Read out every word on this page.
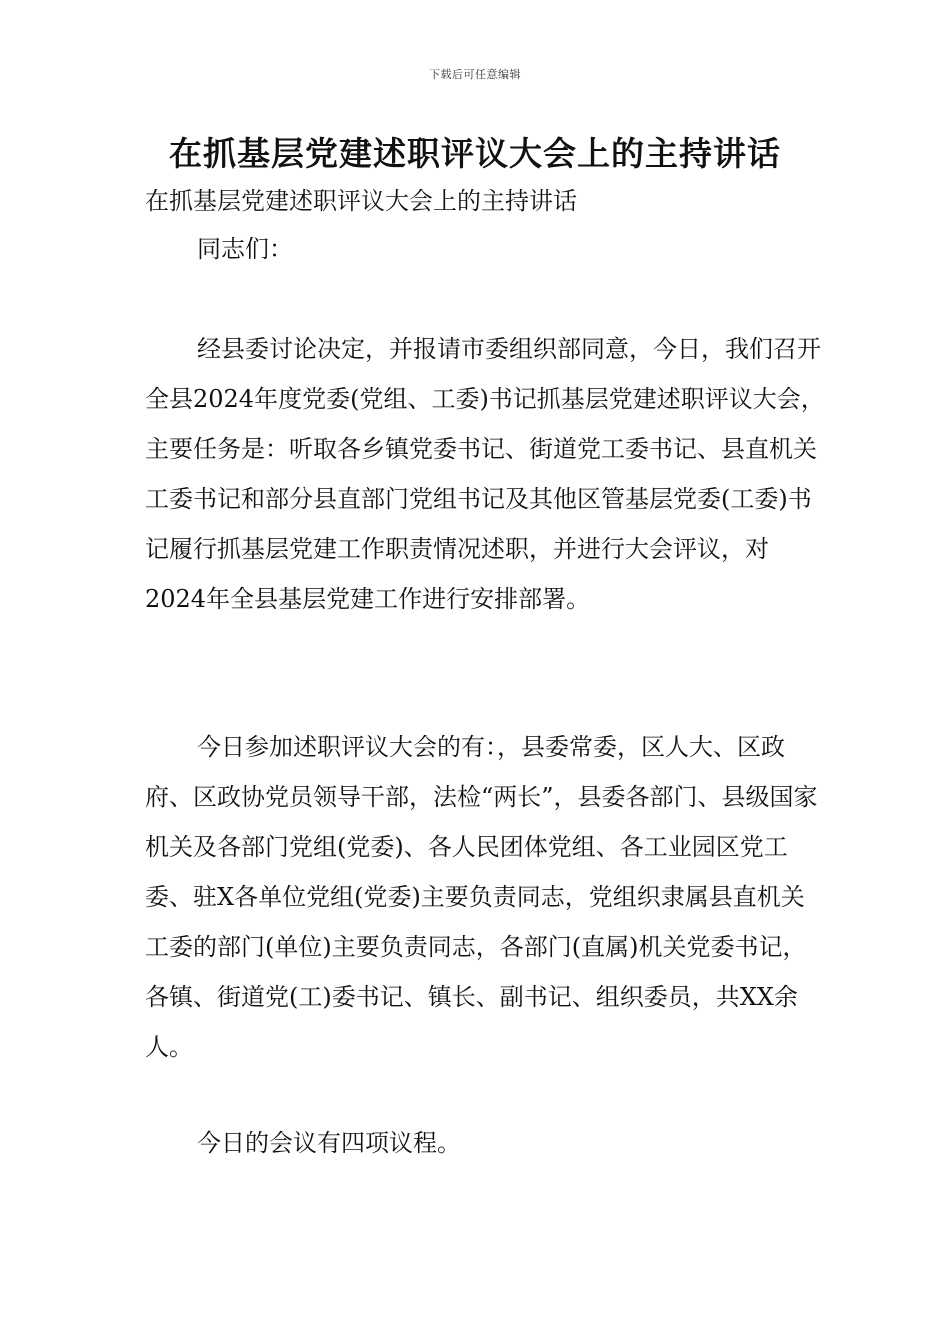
下载后可任意编辑
在抓基层党建述职评议大会上的主持讲话

在抓基层党建述职评议大会上的主持讲话

同志们：

经县委讨论决定，并报请市委组织部同意，今日，我们召开全县2024年度党委(党组、工委)书记抓基层党建述职评议大会，主要任务是：听取各乡镇党委书记、街道党工委书记、县直机关工委书记和部分县直部门党组书记及其他区管基层党委(工委)书记履行抓基层党建工作职责情况述职，并进行大会评议，对2024年全县基层党建工作进行安排部署。

今日参加述职评议大会的有：，县委常委，区人大、区政府、区政协党员领导干部，法检“两长”，县委各部门、县级国家机关及各部门党组(党委)、各人民团体党组、各工业园区党工委、驻X各单位党组(党委)主要负责同志，党组织隶属县直机关工委的部门(单位)主要负责同志，各部门(直属)机关党委书记，各镇、街道党(工)委书记、镇长、副书记、组织委员，共XX余人。

今日的会议有四项议程。
